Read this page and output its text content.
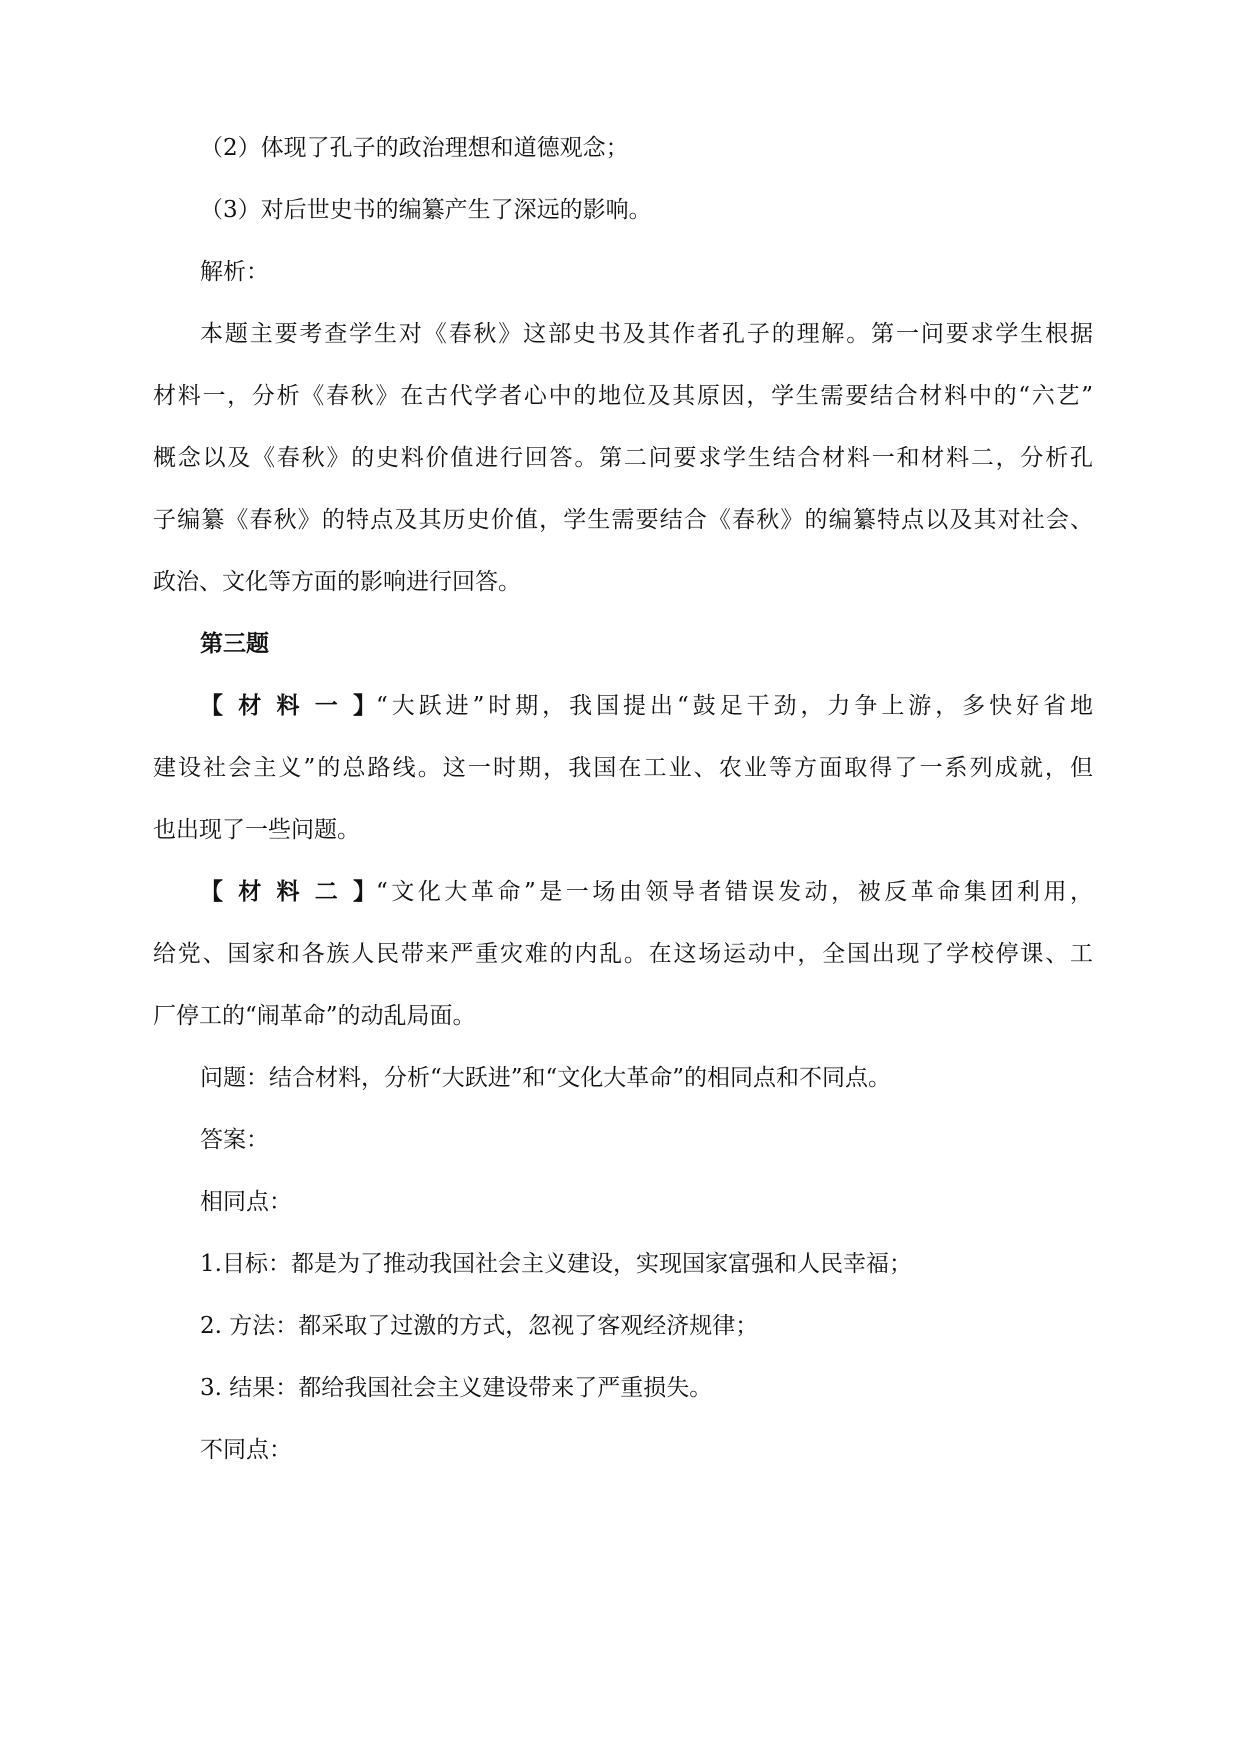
（2）体现了孔子的政治理想和道德观念；
（3）对后世史书的编纂产生了深远的影响。
解析：
本题主要考查学生对《春秋》这部史书及其作者孔子的理解。第一问要求学生根据
材料一，分析《春秋》在古代学者心中的地位及其原因，学生需要结合材料中的“六艺”
概念以及《春秋》的史料价值进行回答。第二问要求学生结合材料一和材料二，分析孔
子编纂《春秋》的特点及其历史价值，学生需要结合《春秋》的编纂特点以及其对社会、
政治、文化等方面的影响进行回答。
第三题
【材料一】“大跃进”时期，我国提出“鼓足干劲，力争上游，多快好省地
建设社会主义”的总路线。这一时期，我国在工业、农业等方面取得了一系列成就，但
也出现了一些问题。
【材料二】“文化大革命”是一场由领导者错误发动，被反革命集团利用，
给党、国家和各族人民带来严重灾难的内乱。在这场运动中，全国出现了学校停课、工
厂停工的“闹革命”的动乱局面。
问题：结合材料，分析“大跃进”和“文化大革命”的相同点和不同点。
答案：
相同点：
1.目标：都是为了推动我国社会主义建设，实现国家富强和人民幸福；
2. 方法：都采取了过激的方式，忽视了客观经济规律；
3. 结果：都给我国社会主义建设带来了严重损失。
不同点：
